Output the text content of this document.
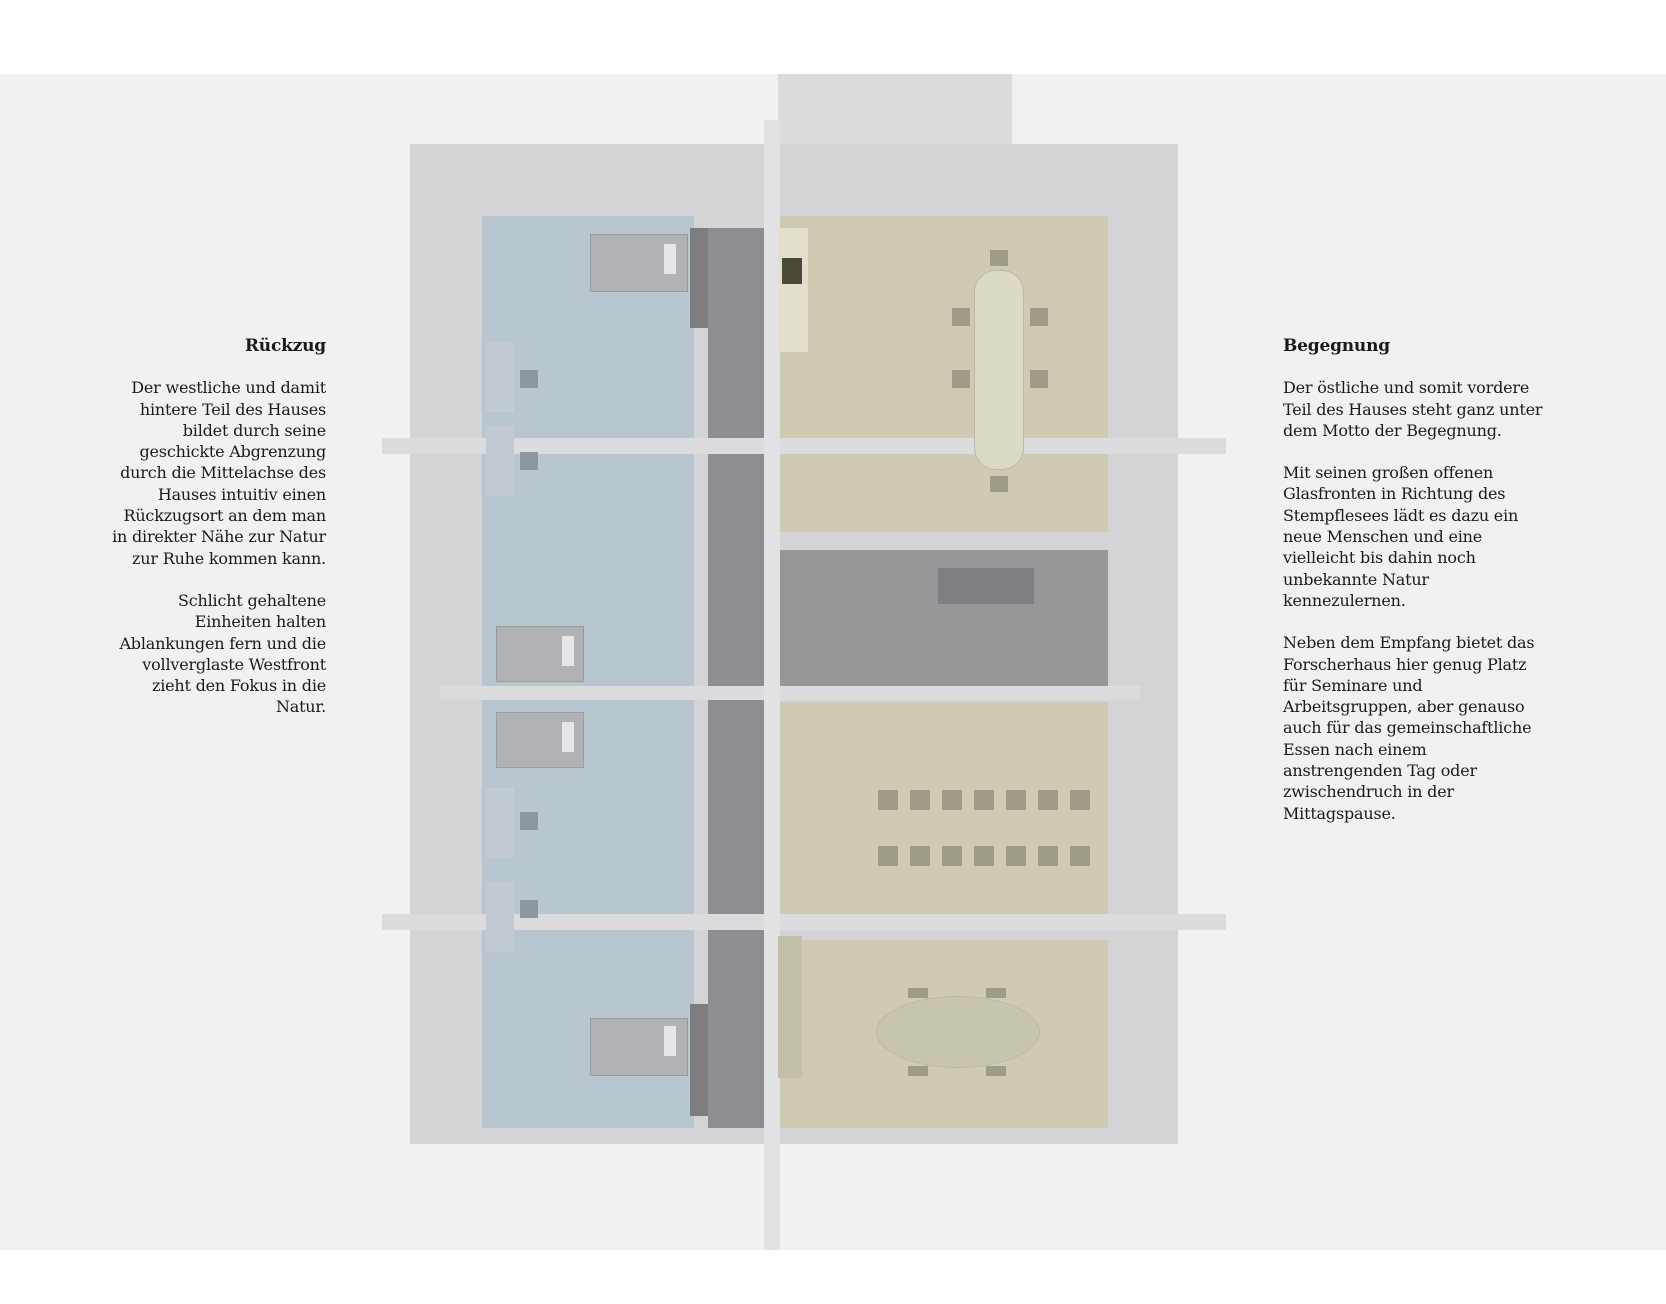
Rückzug

Der westliche und damit hintere Teil des Hauses bildet durch seine geschickte Abgrenzung durch die Mittelachse des Hauses intuitiv einen Rückzugsort an dem man in direkter Nähe zur Natur zur Ruhe kommen kann.

Schlicht gehaltene Einheiten halten Ablankungen fern und die vollverglaste Westfront zieht den Fokus in die Natur.

Begegnung

Der östliche und somit vordere Teil des Hauses steht ganz unter dem Motto der Begegnung.

Mit seinen großen offenen Glasfronten in Richtung des Stempflesees lädt es dazu ein neue Menschen und eine vielleicht bis dahin noch unbekannte Natur kennezulernen.

Neben dem Empfang bietet das Forscherhaus hier genug Platz für Seminare und Arbeitsgruppen, aber genauso auch für das gemeinschaftliche Essen nach einem anstrengenden Tag oder zwischendruch in der Mittagspause.
